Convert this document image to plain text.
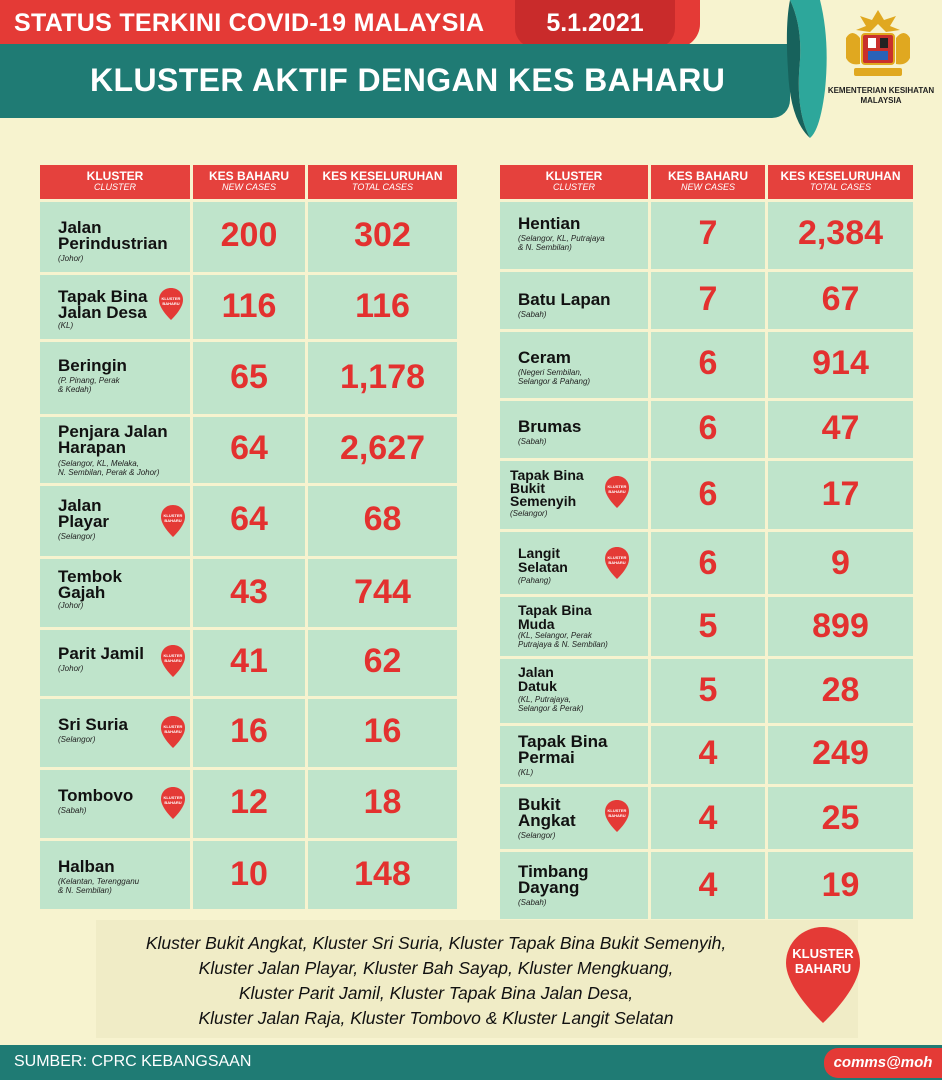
STATUS TERKINI COVID-19 MALAYSIA	5.1.2021
KLUSTER AKTIF DENGAN KES BAHARU	KEMENTERIAN KESIHATAN
MALAYSIA
KLUSTER
CLUSTER
KES BAHARU
NEW CASES
KES KESELURUHAN
TOTAL CASES
Jalan
Perindustrian
(Johor)
200	302
Tapak Bina
Jalan Desa
(KL)
KLUSTER
BAHARU	116	116
Beringin
(P. Pinang, Perak
& Kedah)	65	1,178
Penjara Jalan
Harapan
(Selangor, KL, Melaka,
N. Sembilan, Perak & Johor)
64	2,627
Jalan
Playar
(Selangor)
KLUSTER
BAHARU	64	68
Tembok
Gajah
(Johor)	43	744
Parit Jamil
(Johor)
KLUSTER
BAHARU	41	62
Sri Suria
(Selangor)
KLUSTER
BAHARU	16	16
Tombovo
(Sabah)
KLUSTER
BAHARU	12	18
Halban
(Kelantan, Terengganu
& N. Sembilan)	10	148
KLUSTER
CLUSTER
KES BAHARU
NEW CASES
KES KESELURUHAN
TOTAL CASES
Hentian
(Selangor, KL, Putrajaya
& N. Sembilan)	7	2,384
Batu Lapan
(Sabah)	7	67
Ceram
(Negeri Sembilan,
Selangor & Pahang)	6	914
Brumas
(Sabah)	6	47
Tapak Bina
Bukit
Semenyih
(Selangor)
KLUSTER
BAHARU	6	17
Langit
Selatan
(Pahang)
KLUSTER
BAHARU	6	9
Tapak Bina
Muda
(KL, Selangor, Perak
Putrajaya & N. Sembilan)	5	899
Jalan
Datuk
(KL, Putrajaya,
Selangor & Perak)	5	28
Tapak Bina
Permai
(KL)
4	249
Bukit
Angkat
(Selangor)
KLUSTER
BAHARU	4	25
Timbang
Dayang
(Sabah)	4	19
Kluster Bukit Angkat, Kluster Sri Suria, Kluster Tapak Bina Bukit Semenyih,
Kluster Jalan Playar, Kluster Bah Sayap, Kluster Mengkuang,
Kluster Parit Jamil, Kluster Tapak Bina Jalan Desa,
Kluster Jalan Raja, Kluster Tombovo & Kluster Langit Selatan
KLUSTER
BAHARU
SUMBER: CPRC KEBANGSAAN	comms@moh
